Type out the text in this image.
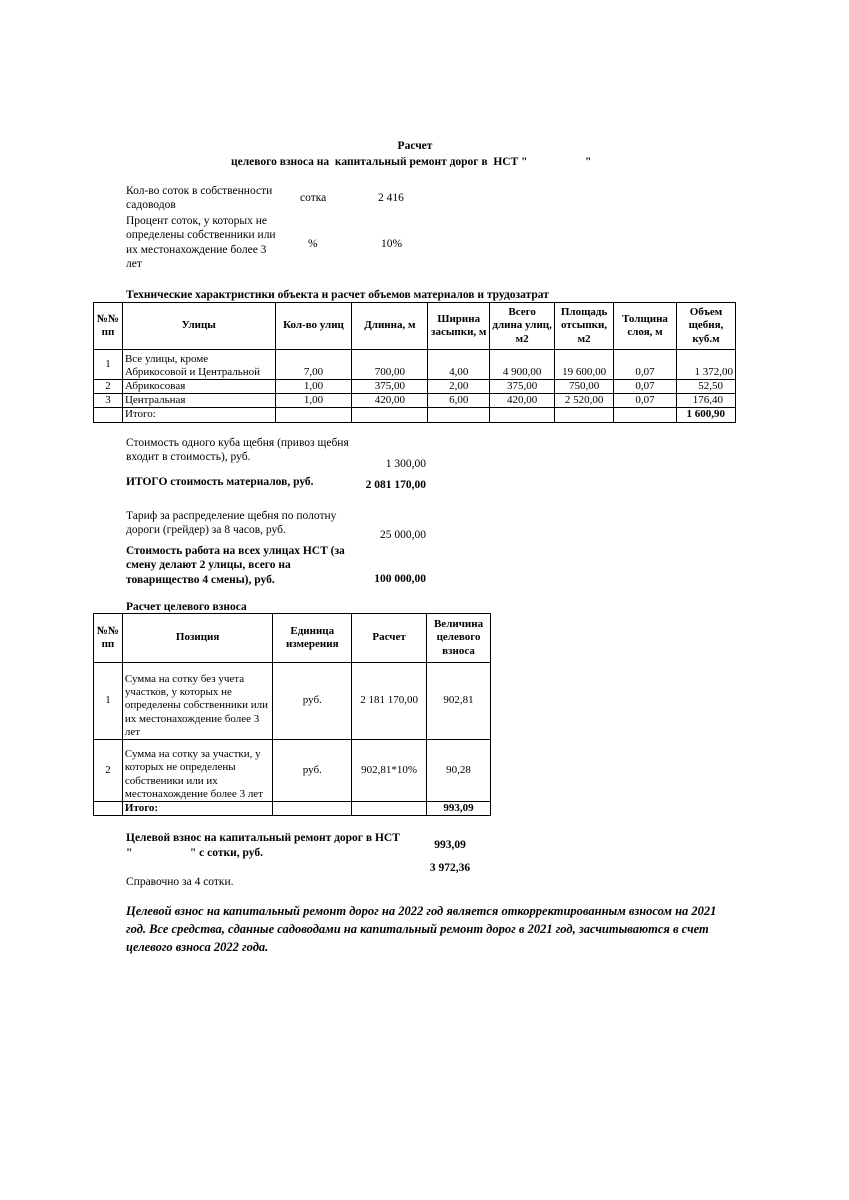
Расчет
целевого взноса на  капитальный ремонт дорог в  НСТ "                    "
Кол-во соток в собственности садоводов
сотка	2 416
Процент соток, у которых не определены собственники или их местонахождение более 3 лет
%	10%
Технические характристики объекта и расчет объемов материалов и трудозатрат
№№ пп	Улицы	Кол-во улиц	Длинна, м	Ширина засыпки, м	Всего длина улиц, м2	Площадь отсыпки, м2	Толщина слоя, м	Объем щебня, куб.м
1	Все улицы, кроме Абрикосовой и Центральной	7,00	700,00	4,00	4 900,00	19 600,00	0,07	1 372,00
2	Абрикосовая	1,00	375,00	2,00	375,00	750,00	0,07	52,50
3	Центральная	1,00	420,00	6,00	420,00	2 520,00	0,07	176,40
	Итого:							1 600,90
Стоимость одного куба щебня (привоз щебня входит в стоимость), руб.
1 300,00
ИТОГО стоимость материалов, руб.	2 081 170,00
Тариф за распределение щебня по полотну дороги (грейдер) за 8 часов, руб.	25 000,00
Стоимость работа на всех улицах НСТ (за смену делают 2 улицы, всего на товарищество 4 смены), руб.	100 000,00
Расчет целевого взноса
№№ пп	Позиция	Единица измерения	Расчет	Величина целевого взноса
1	Сумма на сотку без учета участков, у которых не определены собственники или их местонахождение более 3 лет	руб.	2 181 170,00	902,81
2	Сумма на сотку за участки, у которых не определены собственики или их местонахождение более 3 лет	руб.	902,81*10%	90,28
	Итого:			993,09
Целевой взнос на капитальный ремонт дорог в НСТ
"                    " с сотки, руб.
993,09
3 972,36
Справочно за 4 сотки.
Целевой взнос на капитальный ремонт дорог на 2022 год является откорректированным взносом на 2021 год. Все средства, сданные садоводами на капитальный ремонт дорог в 2021 год, засчитываются в счет целевого взноса 2022 года.
